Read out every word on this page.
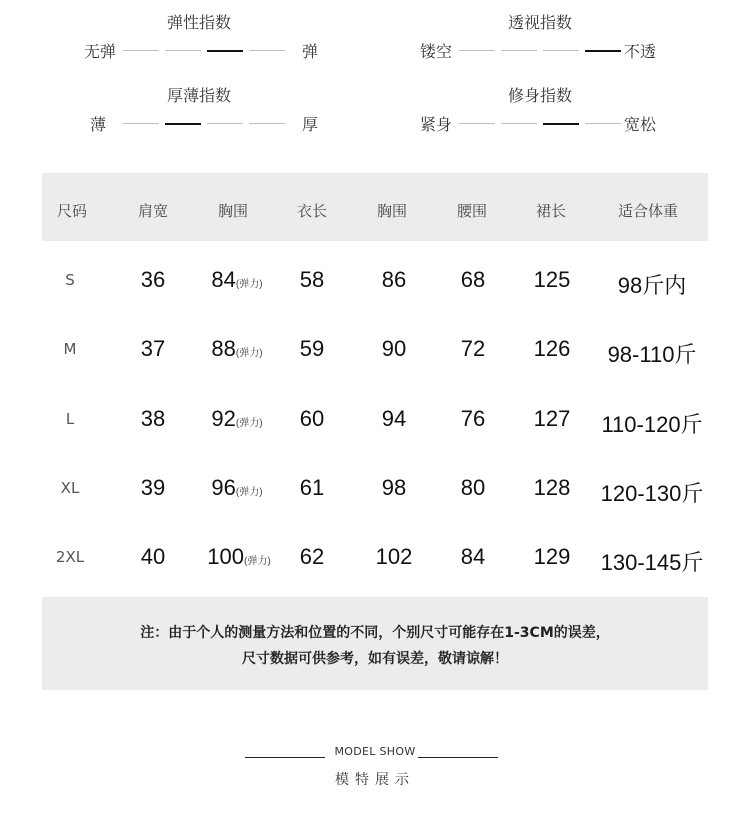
弹性指数
无弹	弹
透视指数
镂空	不透
厚薄指数
薄	厚
修身指数
紧身	宽松
尺码	肩宽	胸围	衣长	胸围	腰围	裙长	适合体重
S	36 84(弹力) 58	86 68 125 98斤内
M	37 88(弹力) 59	90 72 126 98-110斤
L	38 92(弹力) 60	94 76 127 110-120斤
XL	39 96(弹力) 61	98 80 128 120-130斤
2XL	40 100(弹力) 62 102 84 129 130-145斤
注：由于个人的测量方法和位置的不同，个别尺寸可能存在1-3CM的误差，
尺寸数据可供参考，如有误差，敬请谅解！
MODEL SHOW
模特展示
